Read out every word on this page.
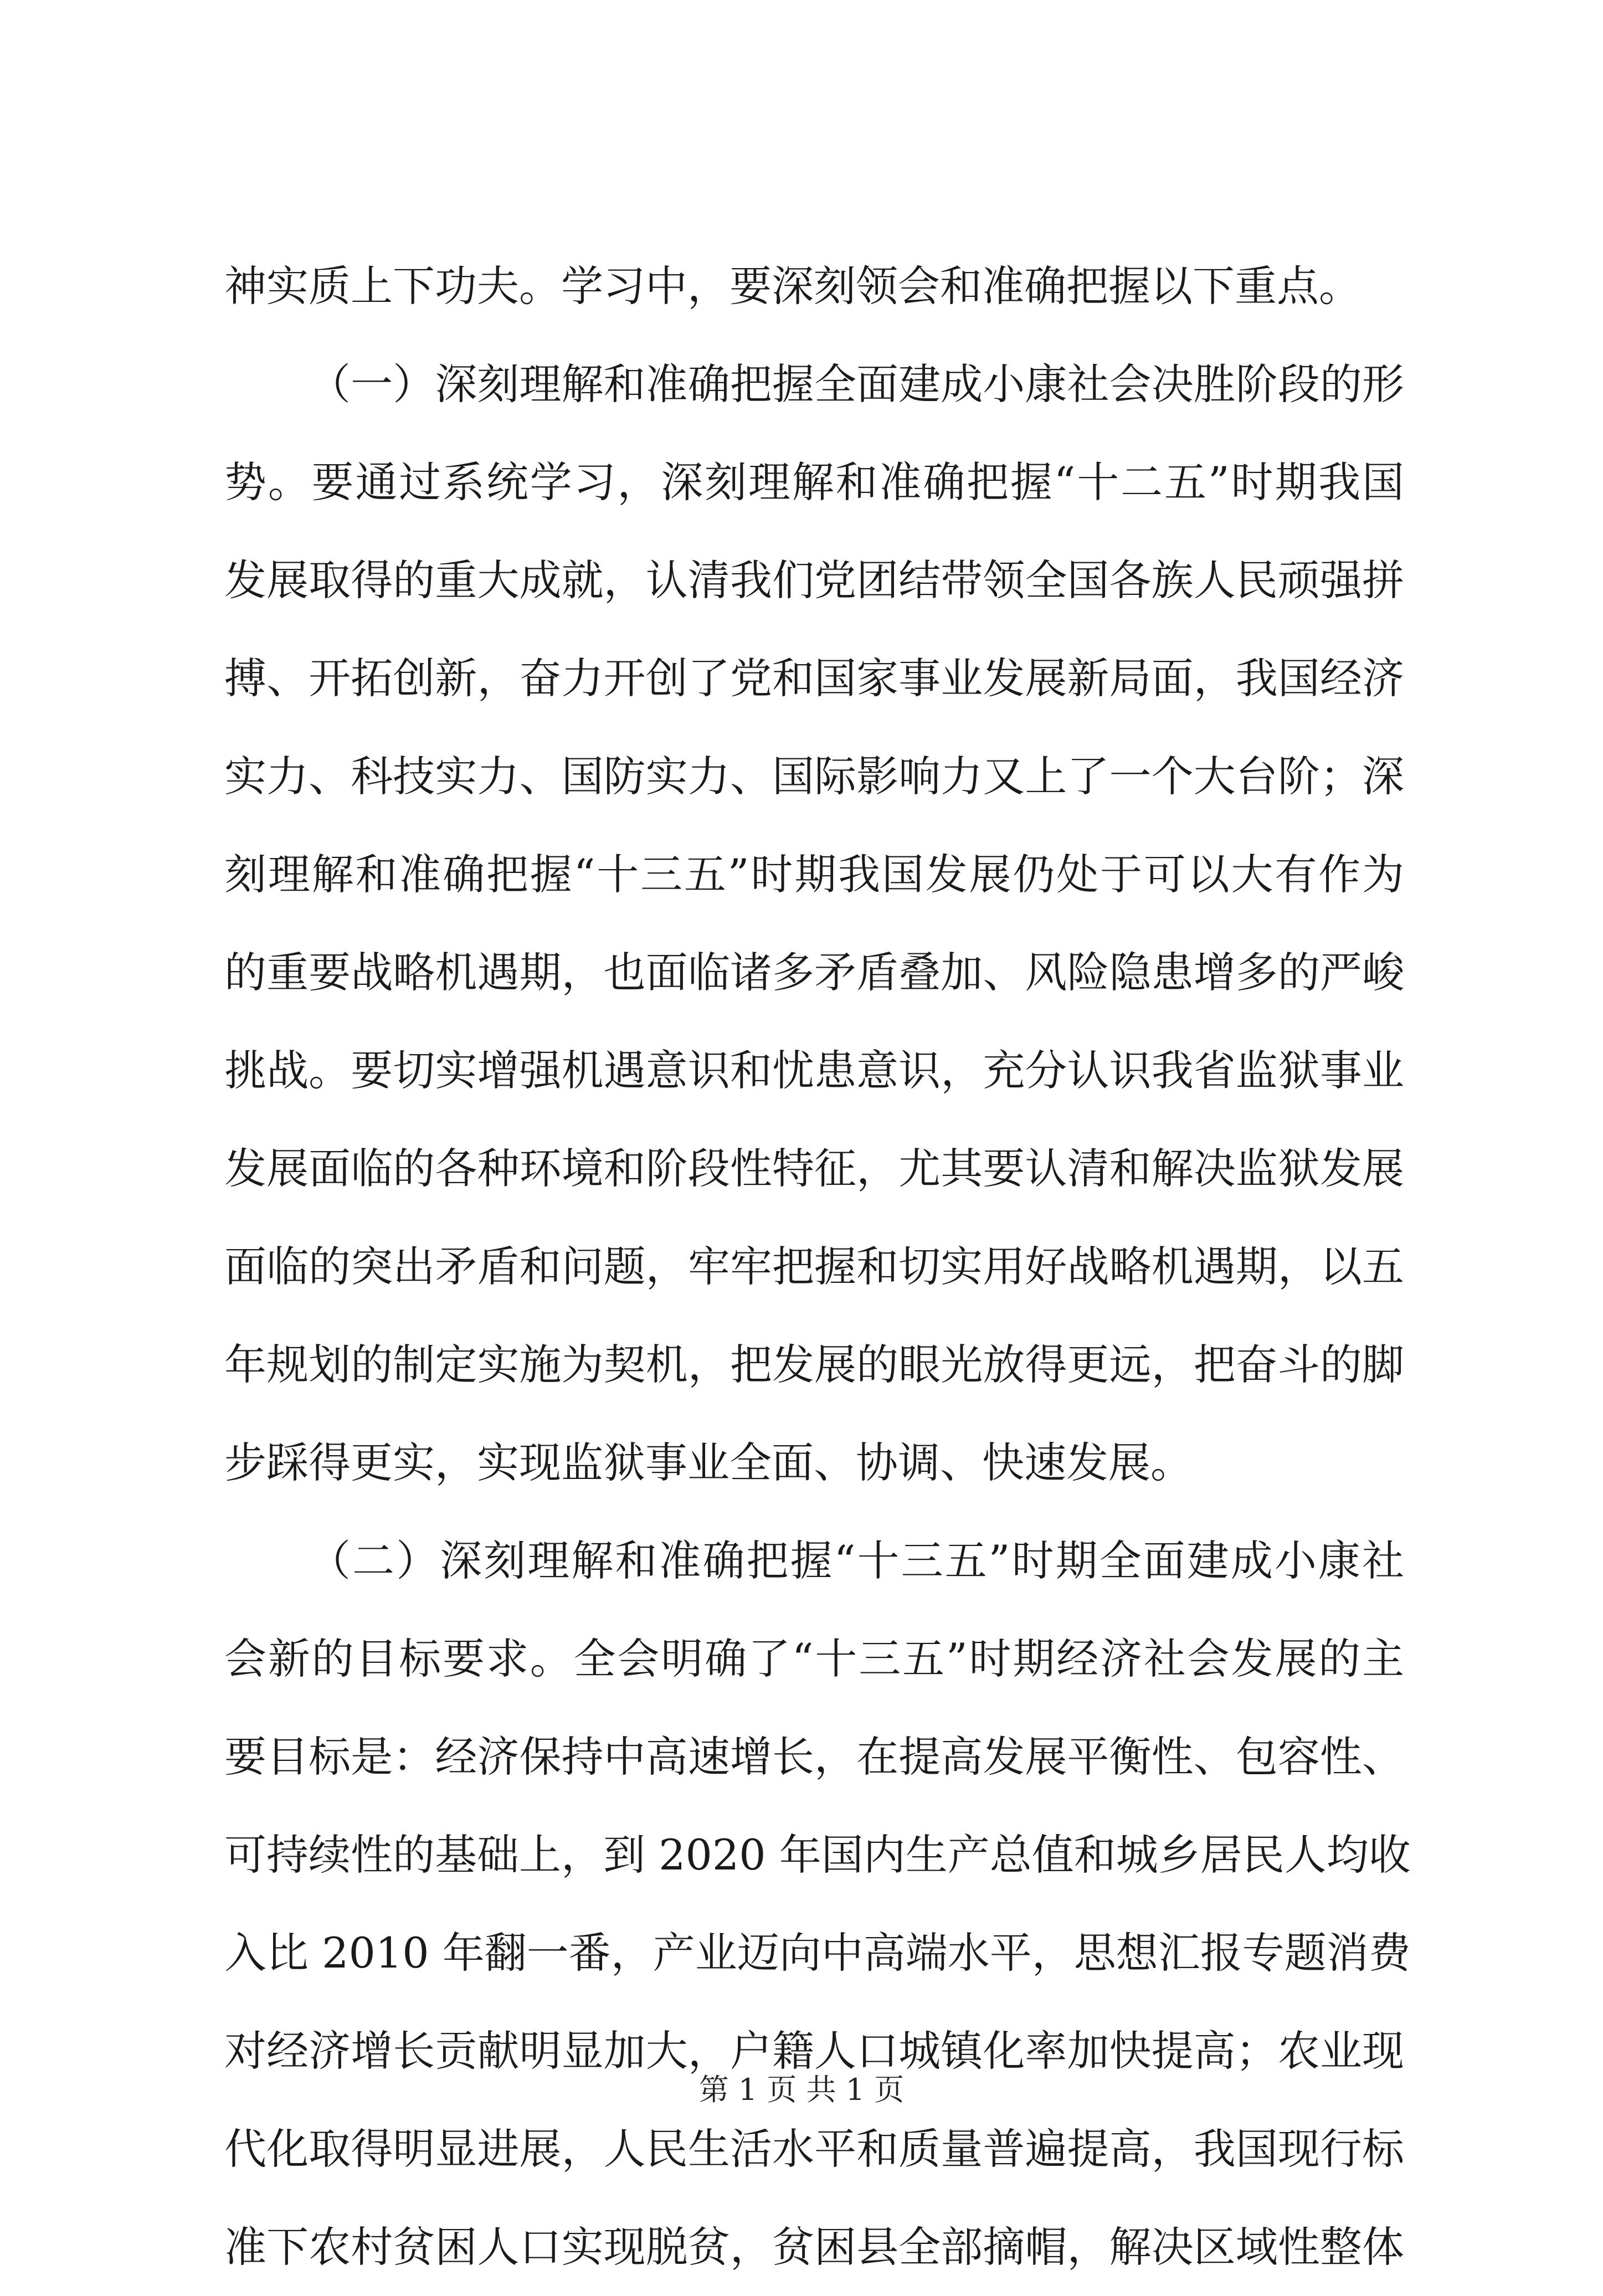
神实质上下功夫。学习中，要深刻领会和准确把握以下重点。
（一）深刻理解和准确把握全面建成小康社会决胜阶段的形
势。要通过系统学习，深刻理解和准确把握“十二五”时期我国
发展取得的重大成就，认清我们党团结带领全国各族人民顽强拼
搏、开拓创新，奋力开创了党和国家事业发展新局面，我国经济
实力、科技实力、国防实力、国际影响力又上了一个大台阶；深
刻理解和准确把握“十三五”时期我国发展仍处于可以大有作为
的重要战略机遇期，也面临诸多矛盾叠加、风险隐患增多的严峻
挑战。要切实增强机遇意识和忧患意识，充分认识我省监狱事业
发展面临的各种环境和阶段性特征，尤其要认清和解决监狱发展
面临的突出矛盾和问题，牢牢把握和切实用好战略机遇期，以五
年规划的制定实施为契机，把发展的眼光放得更远，把奋斗的脚
步踩得更实，实现监狱事业全面、协调、快速发展。
（二）深刻理解和准确把握“十三五”时期全面建成小康社
会新的目标要求。全会明确了“十三五”时期经济社会发展的主
要目标是：经济保持中高速增长，在提高发展平衡性、包容性、
可持续性的基础上，到 2020 年国内生产总值和城乡居民人均收
入比 2010 年翻一番，产业迈向中高端水平，思想汇报专题消费
对经济增长贡献明显加大，户籍人口城镇化率加快提高；农业现
代化取得明显进展，人民生活水平和质量普遍提高，我国现行标
准下农村贫困人口实现脱贫，贫困县全部摘帽，解决区域性整体
第 1 页 共 1 页
